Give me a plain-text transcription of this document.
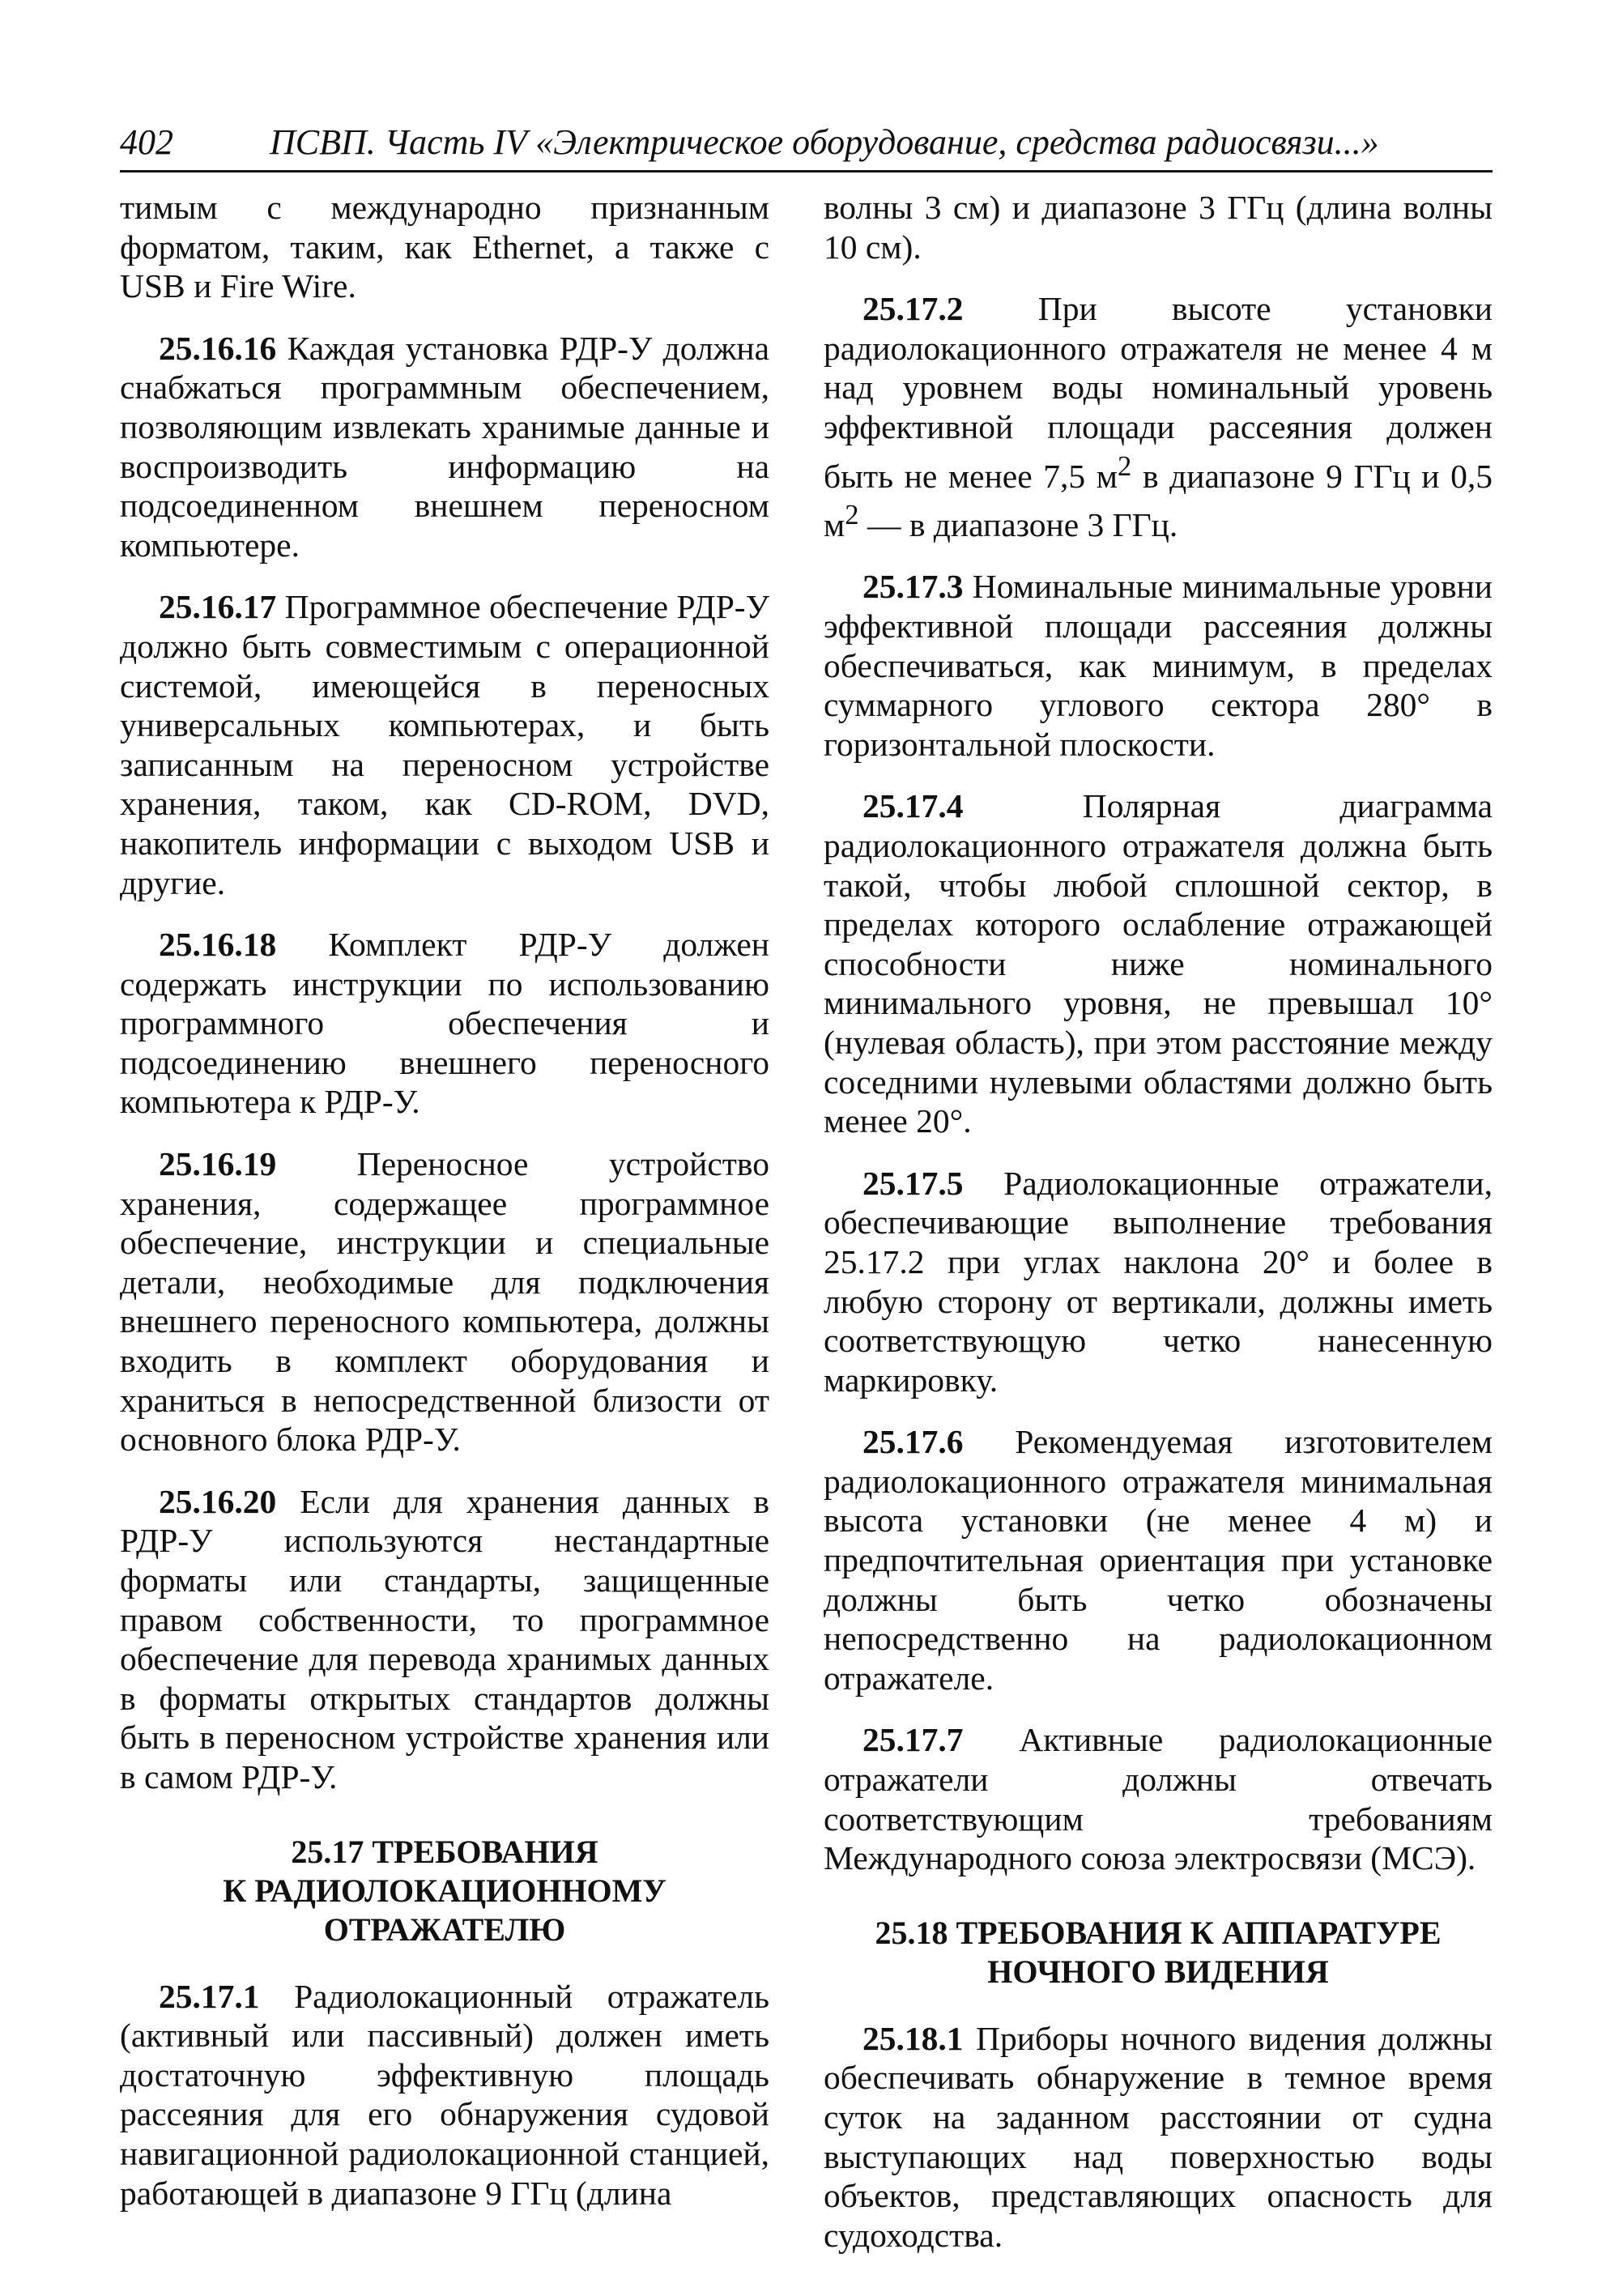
402	ПСВП. Часть IV «Электрическое оборудование, средства радиосвязи...»

тимым с международно признанным форматом, таким, как Ethernet, а также с USB и Fire Wire.

25.16.16 Каждая установка РДР-У должна снабжаться программным обеспечением, позволяющим извлекать хранимые данные и воспроизводить информацию на подсоединенном внешнем переносном компьютере.

25.16.17 Программное обеспечение РДР-У должно быть совместимым с операционной системой, имеющейся в переносных универсальных компьютерах, и быть записанным на переносном устройстве хранения, таком, как CD-ROM, DVD, накопитель информации с выходом USB и другие.

25.16.18 Комплект РДР-У должен содержать инструкции по использованию программного обеспечения и подсоединению внешнего переносного компьютера к РДР-У.

25.16.19 Переносное устройство хранения, содержащее программное обеспечение, инструкции и специальные детали, необходимые для подключения внешнего переносного компьютера, должны входить в комплект оборудования и храниться в непосредственной близости от основного блока РДР-У.

25.16.20 Если для хранения данных в РДР-У используются нестандартные форматы или стандарты, защищенные правом собственности, то программное обеспечение для перевода хранимых данных в форматы открытых стандартов должны быть в переносном устройстве хранения или в самом РДР-У.

25.17 ТРЕБОВАНИЯ
К РАДИОЛОКАЦИОННОМУ
ОТРАЖАТЕЛЮ

25.17.1 Радиолокационный отражатель (активный или пассивный) должен иметь достаточную эффективную площадь рассеяния для его обнаружения судовой навигационной радиолокационной станцией, работающей в диапазоне 9 ГГц (длина

волны 3 см) и диапазоне 3 ГГц (длина волны 10 см).

25.17.2 При высоте установки радиолокационного отражателя не менее 4 м над уровнем воды номинальный уровень эффективной площади рассеяния должен быть не менее 7,5 $м^2$ в диапазоне 9 ГГц и 0,5 $м^2$ — в диапазоне 3 ГГц.

25.17.3 Номинальные минимальные уровни эффективной площади рассеяния должны обеспечиваться, как минимум, в пределах суммарного углового сектора 280° в горизонтальной плоскости.

25.17.4 Полярная диаграмма радиолокационного отражателя должна быть такой, чтобы любой сплошной сектор, в пределах которого ослабление отражающей способности ниже номинального минимального уровня, не превышал 10° (нулевая область), при этом расстояние между соседними нулевыми областями должно быть менее 20°.

25.17.5 Радиолокационные отражатели, обеспечивающие выполнение требования 25.17.2 при углах наклона 20° и более в любую сторону от вертикали, должны иметь соответствующую четко нанесенную маркировку.

25.17.6 Рекомендуемая изготовителем радиолокационного отражателя минимальная высота установки (не менее 4 м) и предпочтительная ориентация при установке должны быть четко обозначены непосредственно на радиолокационном отражателе.

25.17.7 Активные радиолокационные отражатели должны отвечать соответствующим требованиям Международного союза электросвязи (МСЭ).

25.18 ТРЕБОВАНИЯ К АППАРАТУРЕ
НОЧНОГО ВИДЕНИЯ

25.18.1 Приборы ночного видения должны обеспечивать обнаружение в темное время суток на заданном расстоянии от судна выступающих над поверхностью воды объектов, представляющих опасность для судоходства.
